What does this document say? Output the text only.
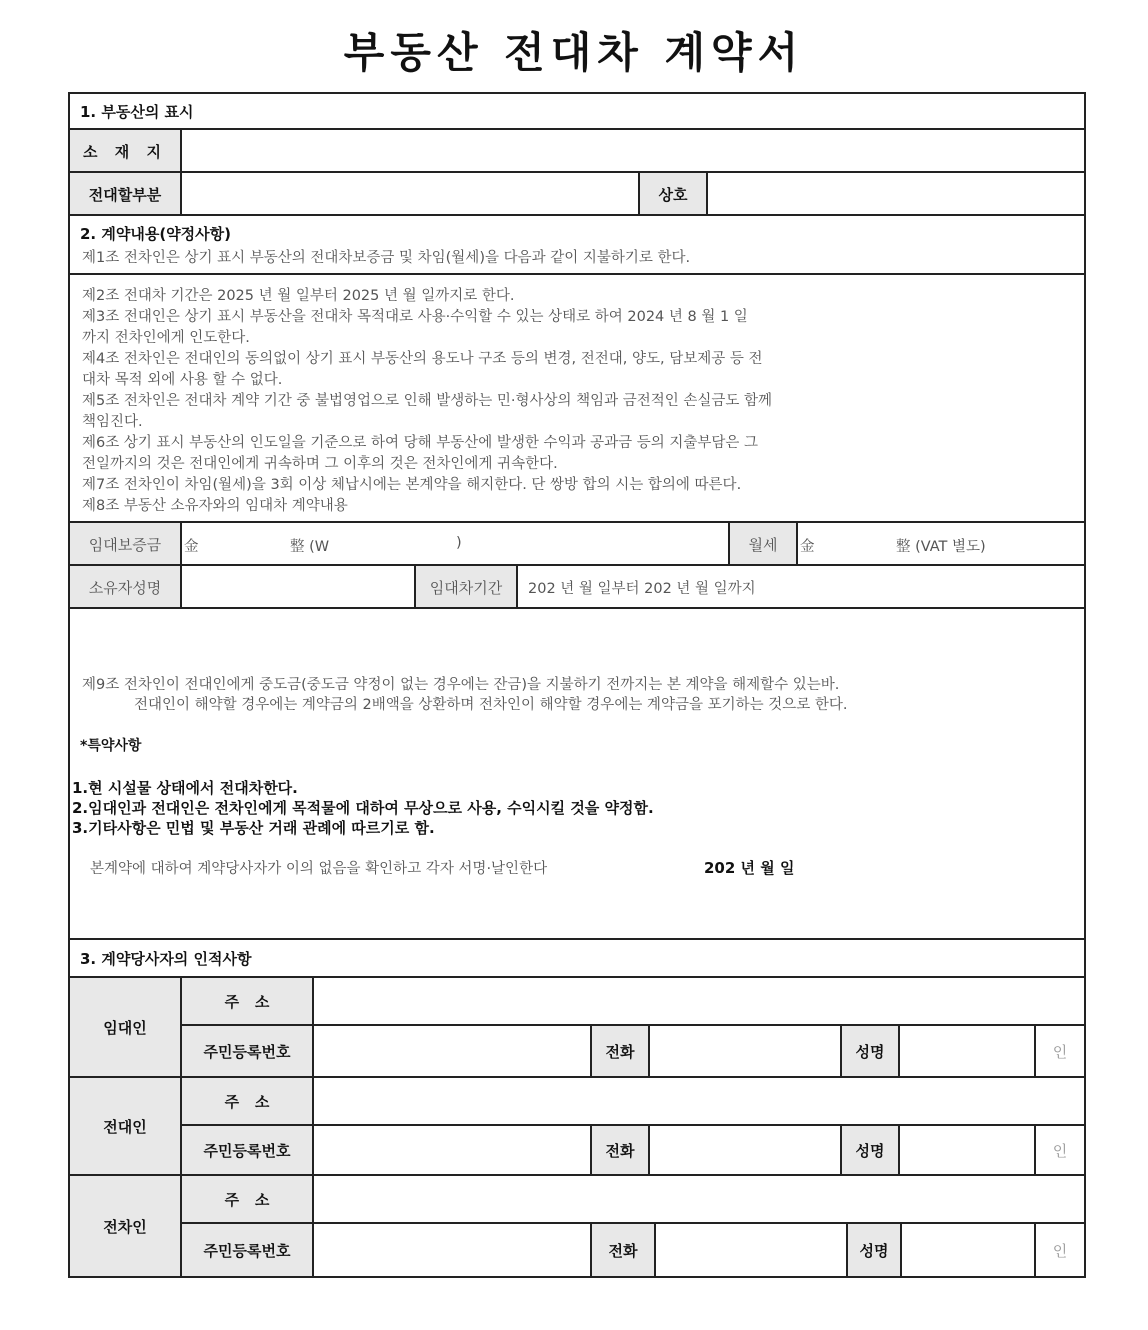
부동산 전대차 계약서
1. 부동산의 표시
소 재 지
전대할부분	상호
2. 계약내용(약정사항)
제1조 전차인은 상기 표시 부동산의 전대차보증금 및 차임(월세)을 다음과 같이 지불하기로 한다.
제2조 전대차 기간은 2025 년 월 일부터 2025 년 월 일까지로 한다.
제3조 전대인은 상기 표시 부동산을 전대차 목적대로 사용·수익할 수 있는 상태로 하여 2024 년 8 월 1 일
까지 전차인에게 인도한다.
제4조 전차인은 전대인의 동의없이 상기 표시 부동산의 용도나 구조 등의 변경, 전전대, 양도, 담보제공 등 전
대차 목적 외에 사용 할 수 없다.
제5조 전차인은 전대차 계약 기간 중 불법영업으로 인해 발생하는 민·형사상의 책임과 금전적인 손실금도 함께
책임진다.
제6조 상기 표시 부동산의 인도일을 기준으로 하여 당해 부동산에 발생한 수익과 공과금 등의 지출부담은 그
전일까지의 것은 전대인에게 귀속하며 그 이후의 것은 전차인에게 귀속한다.
제7조 전차인이 차임(월세)을 3회 이상 체납시에는 본계약을 해지한다. 단 쌍방 합의 시는 합의에 따른다.
제8조 부동산 소유자와의 임대차 계약내용
임대보증금	金	整 (W	)	월세	金	整 (VAT 별도)
소유자성명	임대차기간	202 년 월 일부터 202 년 월 일까지
제9조 전차인이 전대인에게 중도금(중도금 약정이 없는 경우에는 잔금)을 지불하기 전까지는 본 계약을 해제할수 있는바.
전대인이 해약할 경우에는 계약금의 2배액을 상환하며 전차인이 해약할 경우에는 계약금을 포기하는 것으로 한다.
*특약사항
1.현 시설물 상태에서 전대차한다.
2.임대인과 전대인은 전차인에게 목적물에 대하여 무상으로 사용, 수익시킬 것을 약정함.
3.기타사항은 민법 및 부동산 거래 관례에 따르기로 함.
본계약에 대하여 계약당사자가 이의 없음을 확인하고 각자 서명·날인한다	202 년 월 일
3. 계약당사자의 인적사항
임대인
주   소
주민등록번호	전화	성명	인
전대인
주   소
주민등록번호	전화	성명	인
전차인
주   소
주민등록번호	전화	성명	인
